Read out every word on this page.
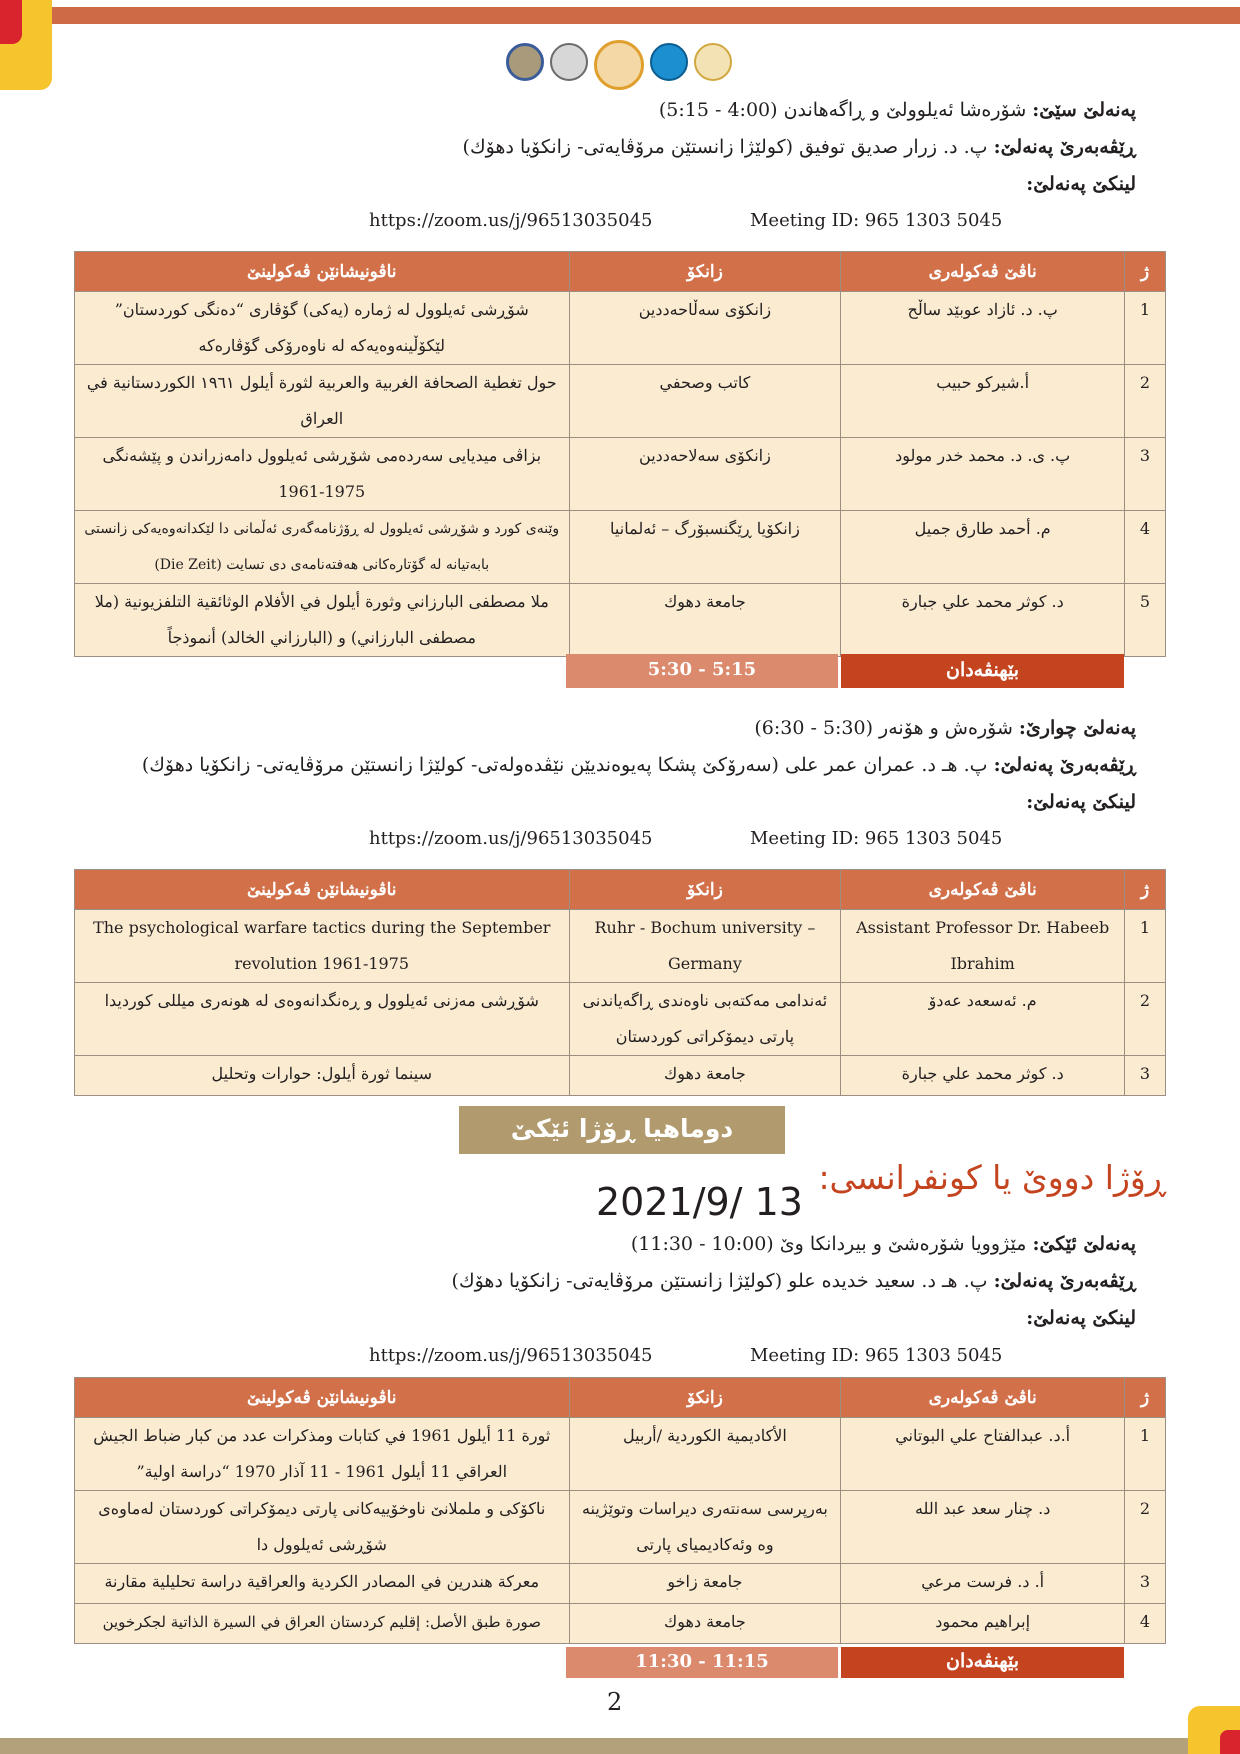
پەنەلێ سێێ: شۆرەشا ئەیلوولێ و ڕاگەهاندن (4:00 - 5:15)
ڕێڤەبەرێ پەنەلێ: پ. د. زرار صديق توفيق (كولێژا زانستێن مرۆڤایەتی- زانكۆیا دهۆك)
لینكێ پەنەلێ:
https://zoom.us/j/96513035045	Meeting ID: 965 1303 5045
ژ	ناڤێ ڤەكولەری	زانكۆ	ناڤونیشانێن ڤەكولینێ
1	پ. د. ئازاد عوبێد ساڵح	زانكۆی سەڵاحەددین	شۆڕشی ئەیلوول لە ژمارە (یەکی) گۆڤاری “دەنگی کوردستان” لێکۆڵینەوەیەکە لە ناوەرۆکی گۆڤارەکە
2	أ.شيركو حبيب	كاتب وصحفي	حول تغطية الصحافة الغربية والعربية لثورة أيلول ١٩٦١ الكوردستانية في العراق
3	پ. ی. د. محمد خدر مولود	زانكۆی سەلاحەددین	بزاڤی میدیایی سەردەمی شۆڕشی ئەیلوول دامەزراندن و پێشەنگی 1975-1961
4	م. أحمد طارق جميل	زانكۆیا ڕێگنسبۆرگ – ئەلمانیا	وێنەی کورد و شۆڕشی ئەیلوول لە ڕۆژنامەگەری ئەڵمانی دا لێکدانەوەیەکی زانستی بابەتیانە لە گۆتارەکانی هەفتەنامەی دی تسایت (Die Zeit)
5	د. كوثر محمد علي جبارة	جامعة دهوك	ملا مصطفى البارزاني وثورة أيلول في الأفلام الوثائقية التلفزيونية (ملا مصطفى البارزاني) و (البارزاني الخالد) أنموذجاً
5:30 - 5:15	بێهنڤەدان
پەنەلێ چوارێ: شۆرەش و هۆنەر (5:30 - 6:30)
ڕێڤەبەرێ پەنەلێ: پ. هـ د. عمران عمر علی (سەرۆكێ پشكا پەیوەندیێن نێڤدەولەتی- كولێژا زانستێن مرۆڤایەتی- زانكۆیا دهۆك)
لینكێ پەنەلێ:
https://zoom.us/j/96513035045	Meeting ID: 965 1303 5045
ژ	ناڤێ ڤەكولەری	زانكۆ	ناڤونیشانێن ڤەكولینێ
1	Assistant Professor Dr. Habeeb Ibrahim	Ruhr - Bochum university – Germany	The psychological warfare tactics during the September revolution 1961-1975
2	م. ئەسعەد عەدۆ	ئەندامی مەکتەبی ناوەندی ڕاگەیاندنی پارتی دیمۆکراتی کوردستان	شۆڕشی مەزنی ئەیلوول و ڕەنگدانەوەی لە هونەری میللی کوردیدا
3	د. كوثر محمد علي جبارة	جامعة دهوك	سينما ثورة أيلول: حوارات وتحليل
دوماهیا ڕۆژا ئێكێ
ڕۆژا دووێ یا كونفرانسی:
2021/9/ 13
پەنەلێ ئێكێ: مێژوویا شۆرەشێ و بیردانكا وێ (10:00 - 11:30)
ڕێڤەبەرێ پەنەلێ: پ. هـ د. سعید خدیدە علو (كولێژا زانستێن مرۆڤایەتی- زانكۆیا دهۆك)
لینكێ پەنەلێ:
https://zoom.us/j/96513035045	Meeting ID: 965 1303 5045
ژ	ناڤێ ڤەكولەری	زانكۆ	ناڤونیشانێن ڤەكولینێ
1	أ.د. عبدالفتاح علي البوتاني	الأكاديمية الكوردية /أربيل	ثورة 11 أيلول 1961 في كتابات ومذكرات عدد من كبار ضباط الجيش العراقي 11 أيلول 1961 - 11 آذار 1970 “دراسة اولية”
2	د. چنار سعد عبد الله	بەرپرسی سەنتەری دیراسات وتوێژینە وە وئەكادیمیای پارتی	ناكۆكی و ململانێ ناوخۆییەكانی پارتی دیمۆكراتی كوردستان لەماوەی شۆڕشی ئەیلوول دا
3	أ. د. فرست مرعي	جامعة زاخو	معركة هندرين في المصادر الكردية والعراقية دراسة تحليلية مقارنة
4	إبراهيم محمود	جامعة دهوك	صورة طبق الأصل: إقليم كردستان العراق في السيرة الذاتية لجكرخوين
11:30 - 11:15	بێهنڤەدان
2
